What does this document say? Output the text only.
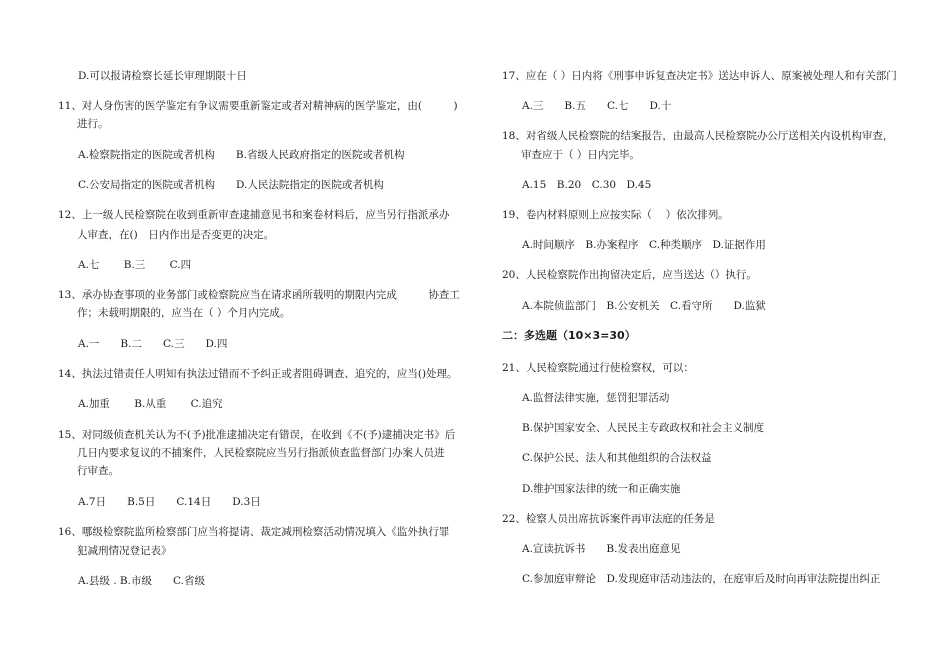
D.可以报请检察长延长审理期限十日
11、对人身伤害的医学鉴定有争议需要重新鉴定或者对精神病的医学鉴定，由(　　　)
进行。
A.检察院指定的医院或者机构　　B.省级人民政府指定的医院或者机构
C.公安局指定的医院或者机构　　D.人民法院指定的医院或者机构
12、上一级人民检察院在收到重新审查逮捕意见书和案卷材料后，应当另行指派承办
人审查，在()　日内作出是否变更的决定。
A.七　　 B.三　　 C.四
13、承办协查事项的业务部门或检察院应当在请求函所载明的期限内完成　　　协查工
作；未载明期限的，应当在（ ）个月内完成。
A.一　　B.二　　C.三　　D.四
14、执法过错责任人明知有执法过错而不予纠正或者阻碍调查、追究的，应当()处理。
A.加重　　 B.从重　　 C.追究
15、对同级侦查机关认为不(予)批准逮捕决定有错误，在收到《不(予)逮捕决定书》后
几日内要求复议的不捕案件，人民检察院应当另行指派侦查监督部门办案人员进
行审查。
A.7日　　B.5日　　C.14日　　D.3日
16、哪级检察院监所检察部门应当将提请、裁定减刑检察活动情况填入《监外执行罪
犯减刑情况登记表》
A.县级 . B.市级　　C.省级
17、应在（ ）日内将《刑事申诉复查决定书》送达申诉人、原案被处理人和有关部门
A.三　　B.五　　C.七　　D.十
18、对省级人民检察院的结案报告，由最高人民检察院办公厅送相关内设机构审查，
审查应于（ ）日内完毕。
A.15　B.20　C.30　D.45
19、卷内材料原则上应按实际（　 ）依次排列。
A.时间顺序　B.办案程序　C.种类顺序　D.证据作用
20、人民检察院作出拘留决定后，应当送达（）执行。
A.本院侦监部门　B.公安机关　C.看守所　　D.监狱
二：多选题（10×3=30）
21、人民检察院通过行使检察权，可以：
A.监督法律实施，惩罚犯罪活动
B.保护国家安全、人民民主专政政权和社会主义制度
C.保护公民、法人和其他组织的合法权益
D.维护国家法律的统一和正确实施
22、检察人员出席抗诉案件再审法庭的任务是
A.宣读抗诉书　　B.发表出庭意见
C.参加庭审辩论　D.发现庭审活动违法的，在庭审后及时向再审法院提出纠正
